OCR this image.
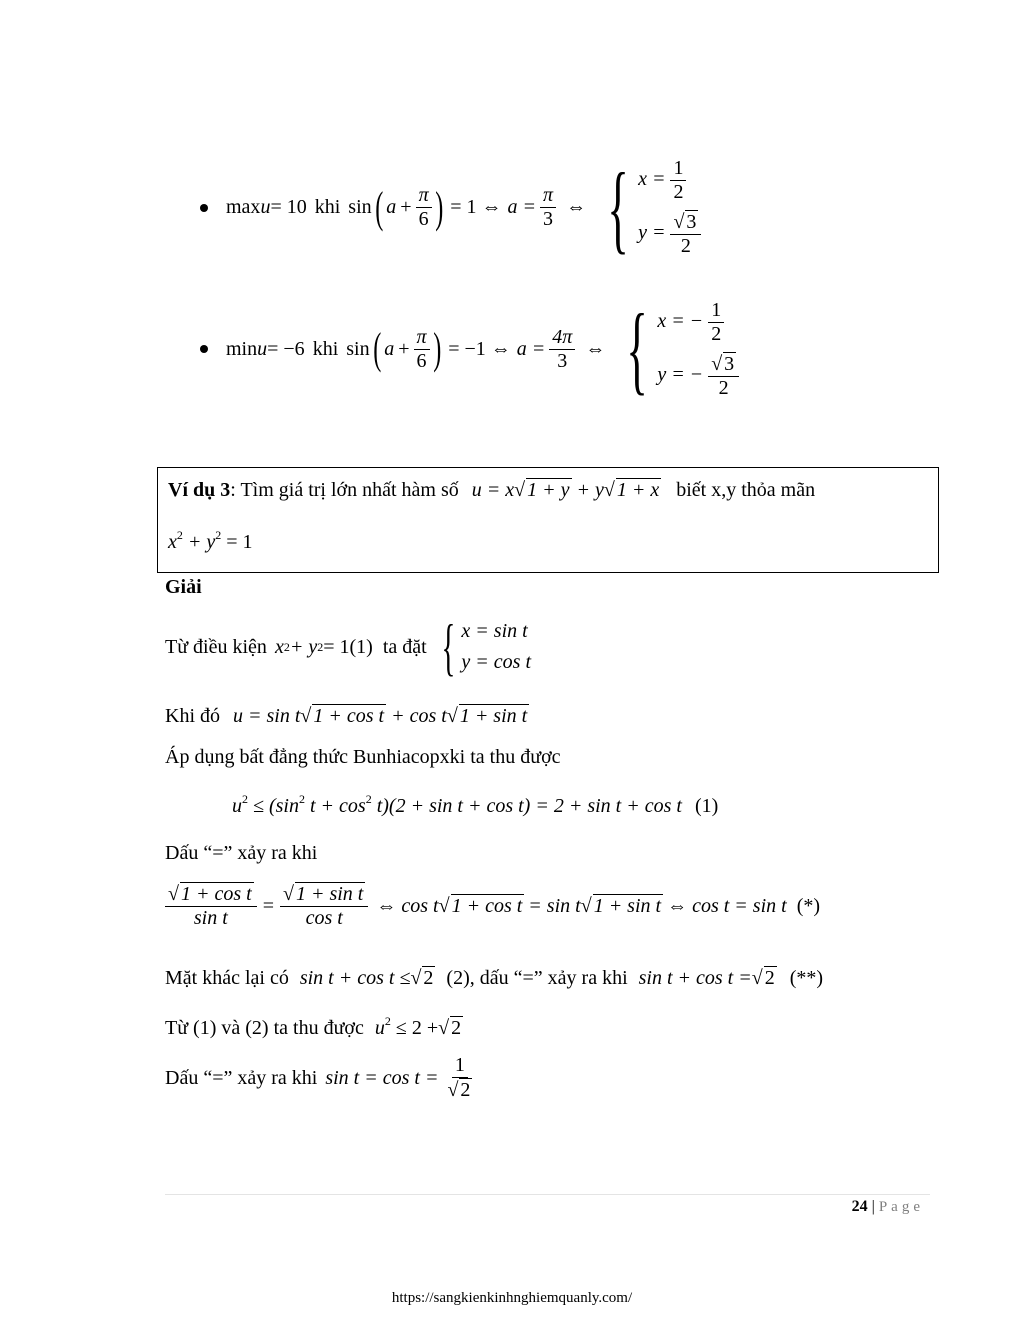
max u = 10 khi sin ( $a + \frac{\pi}{6}$ ) = 1 ⇔ $a = \frac{\pi}{3}$ ⇔ { $x = \frac{1}{2}$
$y = \frac{√ 3}{2}$
min u = −6 khi sin ( $a + \frac{\pi}{6}$ ) = −1 ⇔ $a = \frac{4\pi}{3}$ ⇔ { x = − $\frac{1}{2}$
y = − $\frac{√ 3}{2}$
Ví dụ 3: Tìm giá trị lớn nhất hàm số u = x√ 1 + y + y√ 1 + x biết x,y thỏa mãn
$x^2 + y^2 = 1$
Giải
Từ điều kiện x 2 + y 2 = 1(1) ta đặt { x = sin t
y = cos t
Khi đó u = sin t√ 1 + cos t + cos t√ 1 + sin t
Áp dụng bất đẳng thức Bunhiacopxki ta thu được
$u^2 \le (\sin^2$ $t + \cos^2 t)(2 + \sin t + \cos t) = 2 + \sin t + \cos t$ (1)
Dấu “=” xảy ra khi
$\frac{\text{√ 1 + cos t}}{\text{sin t}} = \frac{\text{√ 1 + sin t}}{\text{cos t}}$ ⇔ cos t √ 1 + cos t = sin t √ 1 + sin t ⇔ cos t = sin t (*)
Mặt khác lại có sin t + cos t ≤√ 2 (2), dấu “=” xảy ra khi sin t + cos t =√ 2 (**)
Từ (1) và (2) ta thu được $u^2 \le 2$ +√ 2
Dấu “=” xảy ra khi $\sin t = \cos t = \frac{1}{√ 2}$
24 | Page
https://sangkienkinhnghiemquanly.com/
